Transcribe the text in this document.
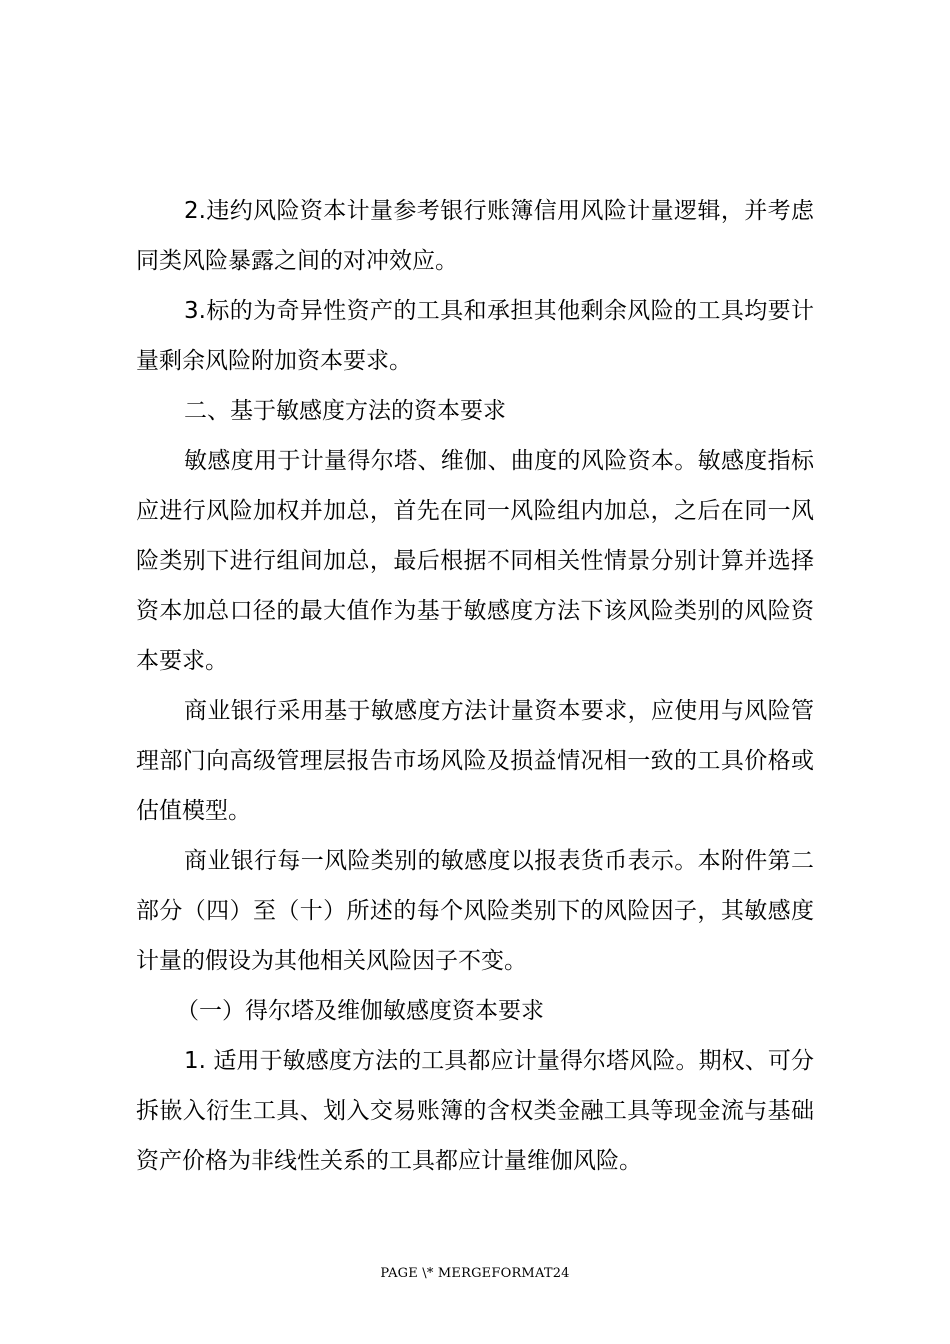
2.违约风险资本计量参考银行账簿信用风险计量逻辑，并考虑同类风险暴露之间的对冲效应。

3.标的为奇异性资产的工具和承担其他剩余风险的工具均要计量剩余风险附加资本要求。

二、基于敏感度方法的资本要求

敏感度用于计量得尔塔、维伽、曲度的风险资本。敏感度指标应进行风险加权并加总，首先在同一风险组内加总，之后在同一风险类别下进行组间加总，最后根据不同相关性情景分别计算并选择资本加总口径的最大值作为基于敏感度方法下该风险类别的风险资本要求。

商业银行采用基于敏感度方法计量资本要求，应使用与风险管理部门向高级管理层报告市场风险及损益情况相一致的工具价格或估值模型。

商业银行每一风险类别的敏感度以报表货币表示。本附件第二部分（四）至（十）所述的每个风险类别下的风险因子，其敏感度计量的假设为其他相关风险因子不变。

（一）得尔塔及维伽敏感度资本要求

1. 适用于敏感度方法的工具都应计量得尔塔风险。期权、可分拆嵌入衍生工具、划入交易账簿的含权类金融工具等现金流与基础资产价格为非线性关系的工具都应计量维伽风险。

PAGE \* MERGEFORMAT24
